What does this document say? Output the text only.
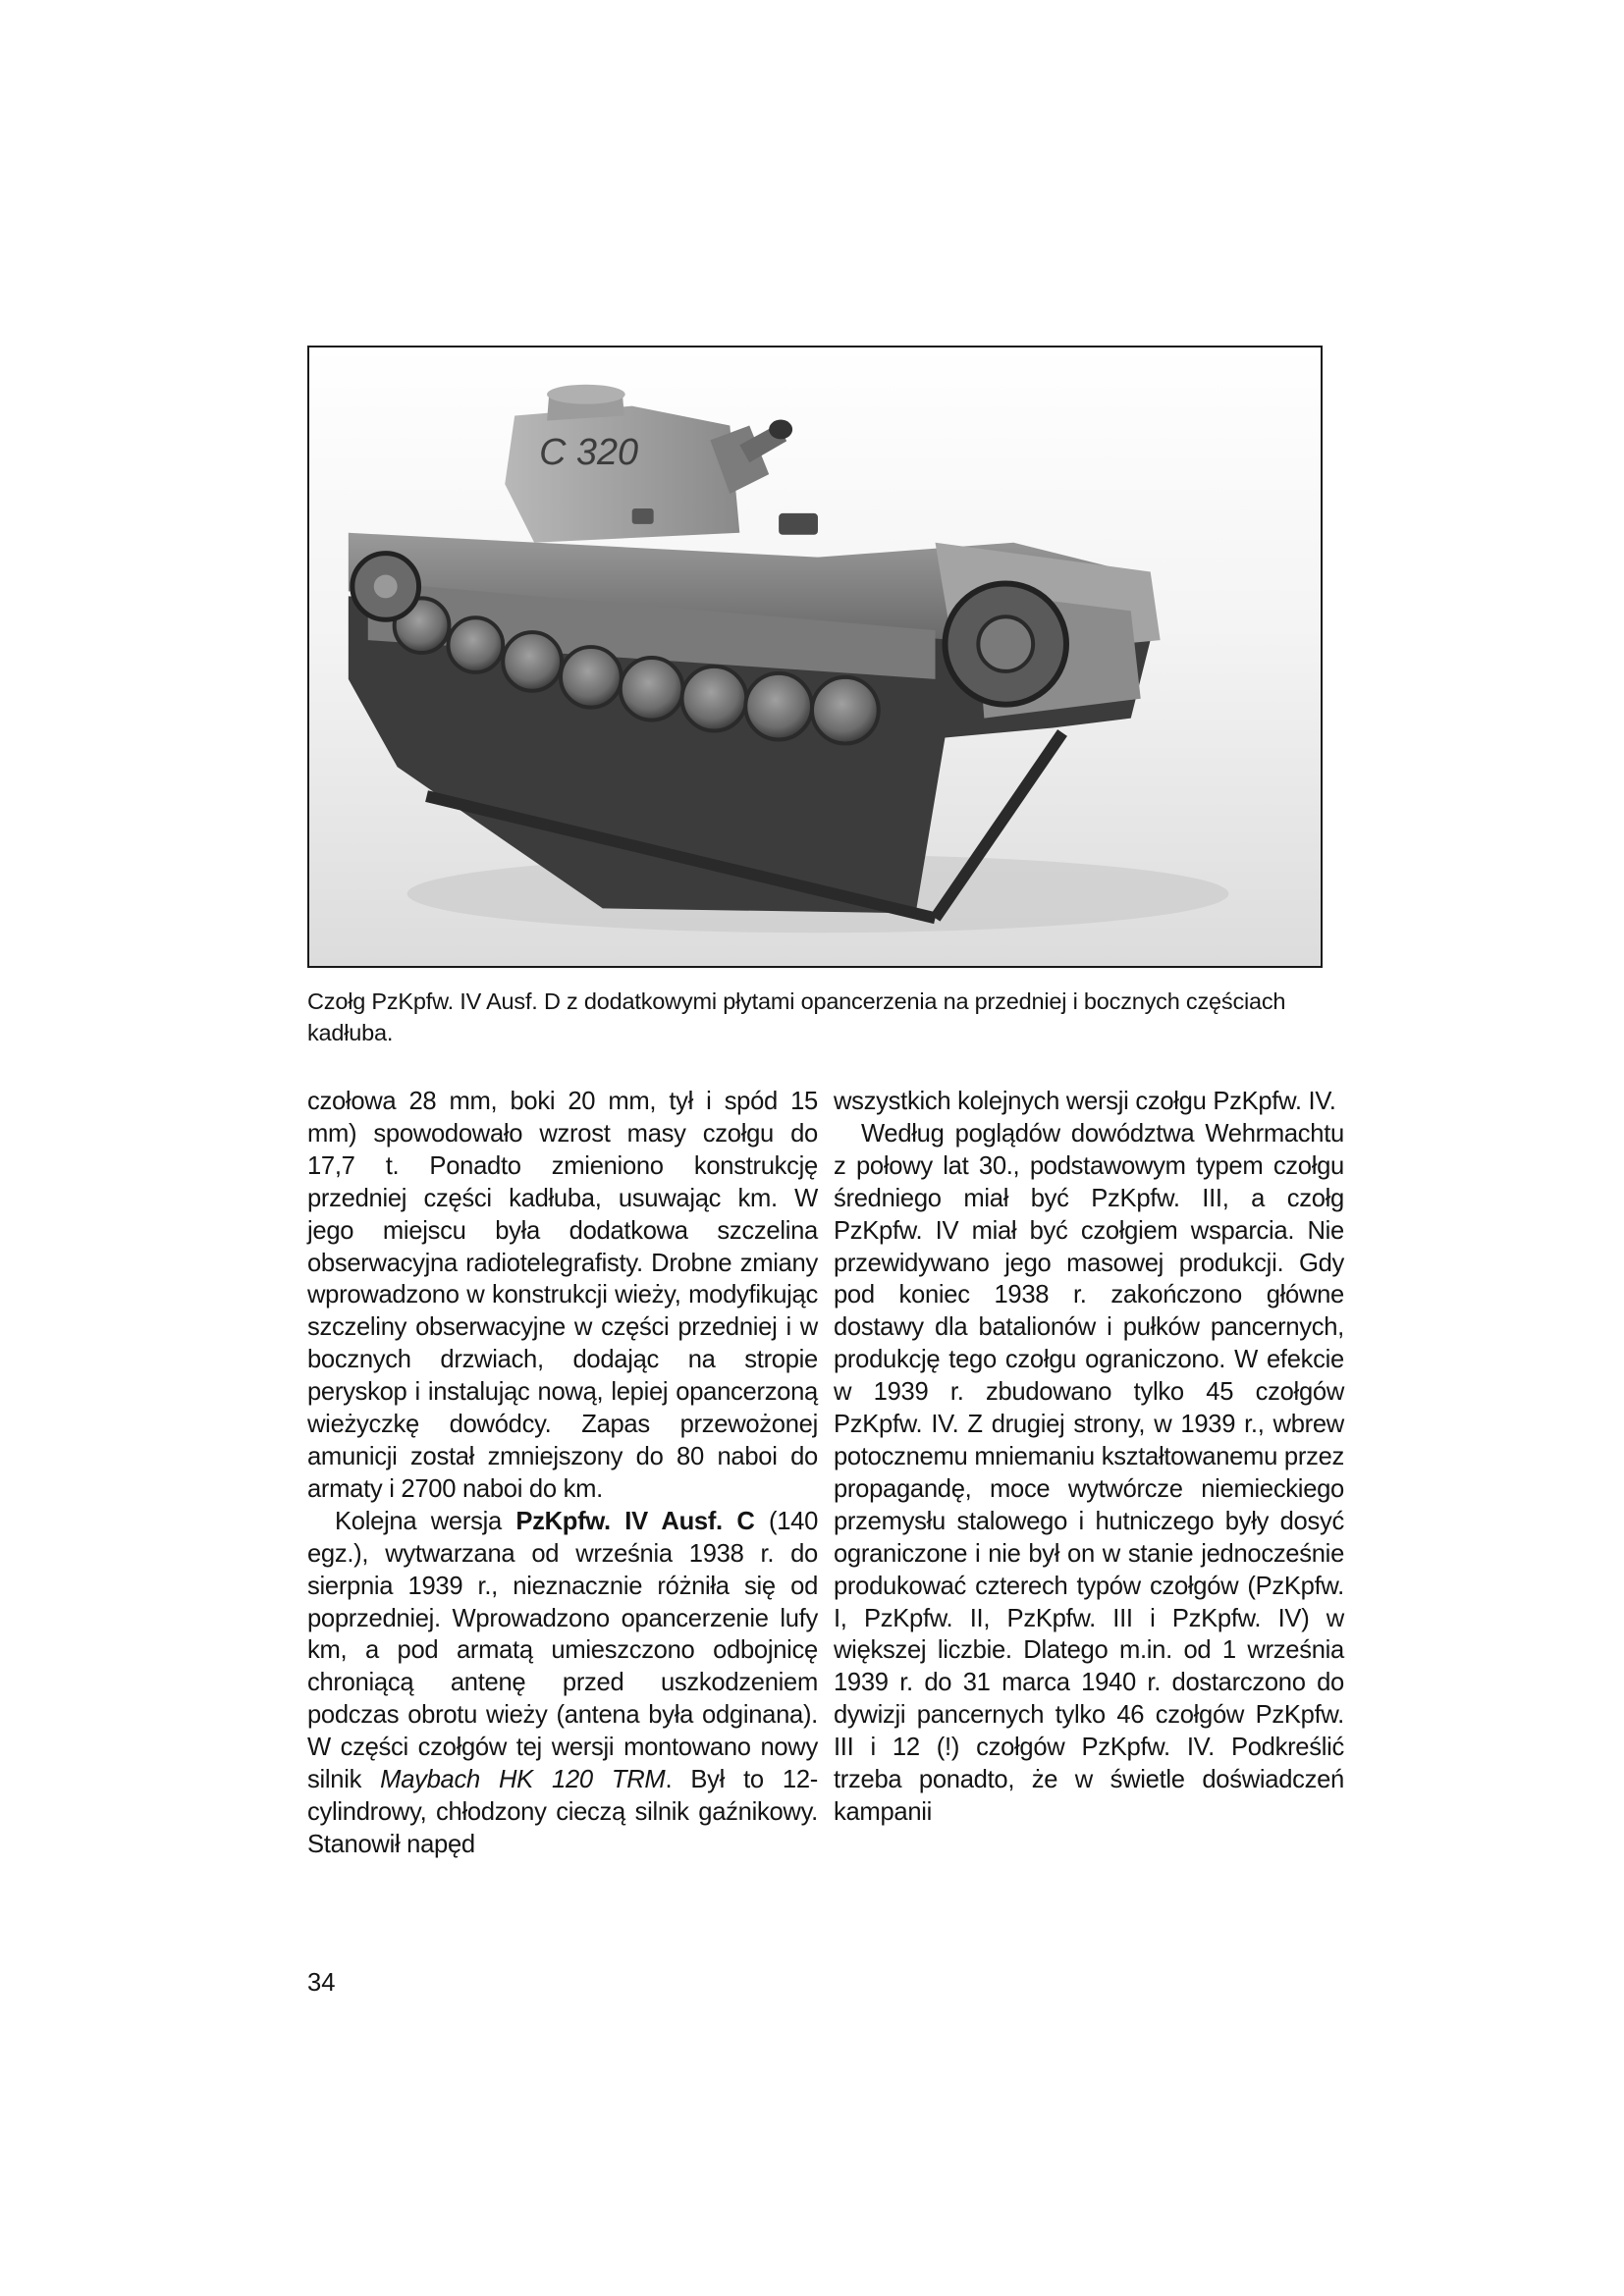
C 320

Czołg PzKpfw. IV Ausf. D z dodatkowymi płytami opancerzenia na przedniej i bocznych częściach kadłuba.

czołowa 28 mm, boki 20 mm, tył i spód 15 mm) spowodowało wzrost masy czołgu do 17,7 t. Ponadto zmieniono konstrukcję przedniej części kadłuba, usuwając km. W jego miejscu była dodatkowa szczelina obserwacyjna radiotelegrafisty. Drobne zmiany wprowadzono w konstrukcji wieży, modyfikując szczeliny obserwacyjne w części przedniej i w bocznych drzwiach, dodając na stropie peryskop i instalując nową, lepiej opancerzoną wieżyczkę dowódcy. Zapas przewożonej amunicji został zmniejszony do 80 naboi do armaty i 2700 naboi do km.

Kolejna wersja PzKpfw. IV Ausf. C (140 egz.), wytwarzana od września 1938 r. do sierpnia 1939 r., nieznacznie różniła się od poprzedniej. Wprowadzono opancerzenie lufy km, a pod armatą umieszczono odbojnicę chroniącą antenę przed uszkodzeniem podczas obrotu wieży (antena była odginana). W części czołgów tej wersji montowano nowy silnik Maybach HK 120 TRM. Był to 12-cylindrowy, chłodzony cieczą silnik gaźnikowy. Stanowił napęd

wszystkich kolejnych wersji czołgu PzKpfw. IV.

Według poglądów dowództwa Wehrmachtu z połowy lat 30., podstawowym typem czołgu średniego miał być PzKpfw. III, a czołg PzKpfw. IV miał być czołgiem wsparcia. Nie przewidywano jego masowej produkcji. Gdy pod koniec 1938 r. zakończono główne dostawy dla batalionów i pułków pancernych, produkcję tego czołgu ograniczono. W efekcie w 1939 r. zbudowano tylko 45 czołgów PzKpfw. IV. Z drugiej strony, w 1939 r., wbrew potocznemu mniemaniu kształtowanemu przez propagandę, moce wytwórcze niemieckiego przemysłu stalowego i hutniczego były dosyć ograniczone i nie był on w stanie jednocześnie produkować czterech typów czołgów (PzKpfw. I, PzKpfw. II, PzKpfw. III i PzKpfw. IV) w większej liczbie. Dlatego m.in. od 1 września 1939 r. do 31 marca 1940 r. dostarczono do dywizji pancernych tylko 46 czołgów PzKpfw. III i 12 (!) czołgów PzKpfw. IV. Podkreślić trzeba ponadto, że w świetle doświadczeń kampanii

34
